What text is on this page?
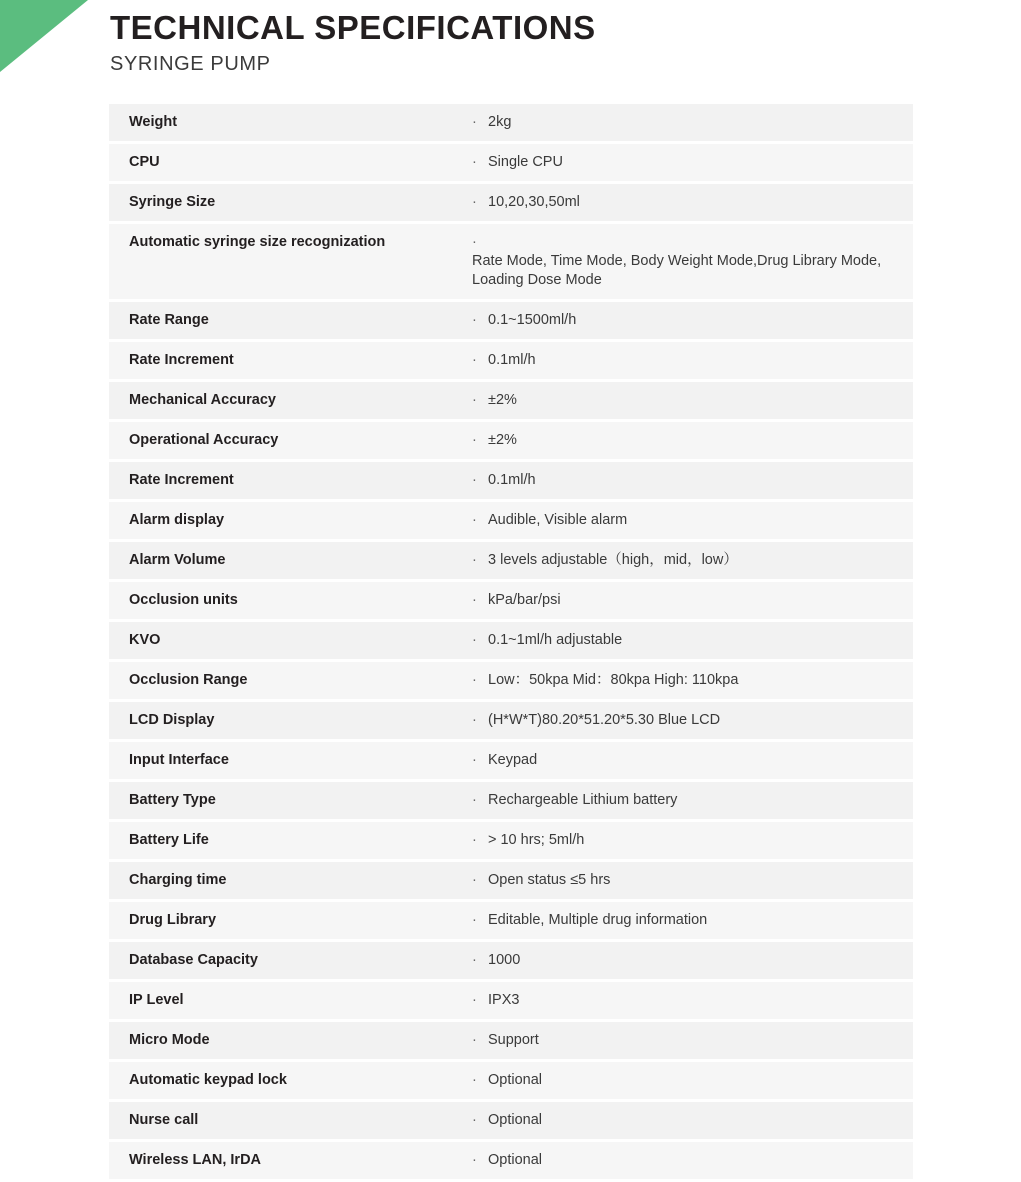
TECHNICAL SPECIFICATIONS
SYRINGE PUMP
Weight	· 2kg

CPU	· Single CPU

Syringe Size	· 10,20,30,50ml

Automatic syringe size recognization	·Rate Mode, Time Mode, Body Weight Mode,Drug Library Mode, Loading Dose Mode

Rate Range	· 0.1~1500ml/h

Rate Increment	· 0.1ml/h

Mechanical Accuracy	· ±2%

Operational Accuracy	· ±2%

Rate Increment	· 0.1ml/h

Alarm display	· Audible, Visible alarm

Alarm Volume	· 3 levels adjustable（high，mid，low）

Occlusion units	· kPa/bar/psi

KVO	· 0.1~1ml/h adjustable

Occlusion Range	· Low：50kpa Mid：80kpa High: 110kpa

LCD Display	· (H*W*T)80.20*51.20*5.30 Blue LCD

Input Interface	· Keypad

Battery Type	· Rechargeable Lithium battery

Battery Life	· > 10 hrs; 5ml/h

Charging time	· Open status ≤5 hrs

Drug Library	· Editable, Multiple drug information

Database Capacity	· 1000

IP Level	· IPX3

Micro Mode	· Support

Automatic keypad lock	· Optional

Nurse call	· Optional

Wireless LAN, IrDA	· Optional
